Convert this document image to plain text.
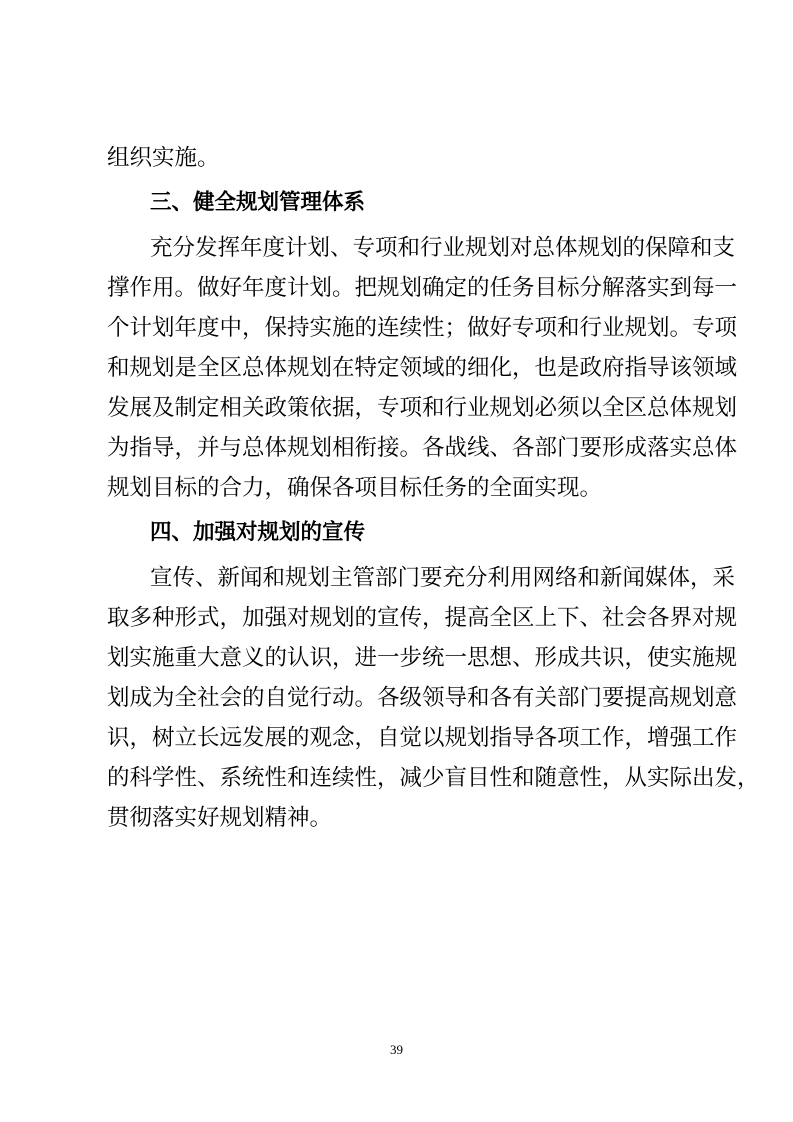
组织实施。
三、健全规划管理体系
充分发挥年度计划、专项和行业规划对总体规划的保障和支
撑作用。做好年度计划。把规划确定的任务目标分解落实到每一
个计划年度中，保持实施的连续性；做好专项和行业规划。专项
和规划是全区总体规划在特定领域的细化，也是政府指导该领域
发展及制定相关政策依据，专项和行业规划必须以全区总体规划
为指导，并与总体规划相衔接。各战线、各部门要形成落实总体
规划目标的合力，确保各项目标任务的全面实现。
四、加强对规划的宣传
宣传、新闻和规划主管部门要充分利用网络和新闻媒体，采
取多种形式，加强对规划的宣传，提高全区上下、社会各界对规
划实施重大意义的认识，进一步统一思想、形成共识，使实施规
划成为全社会的自觉行动。各级领导和各有关部门要提高规划意
识，树立长远发展的观念，自觉以规划指导各项工作，增强工作
的科学性、系统性和连续性，减少盲目性和随意性，从实际出发，
贯彻落实好规划精神。
39
